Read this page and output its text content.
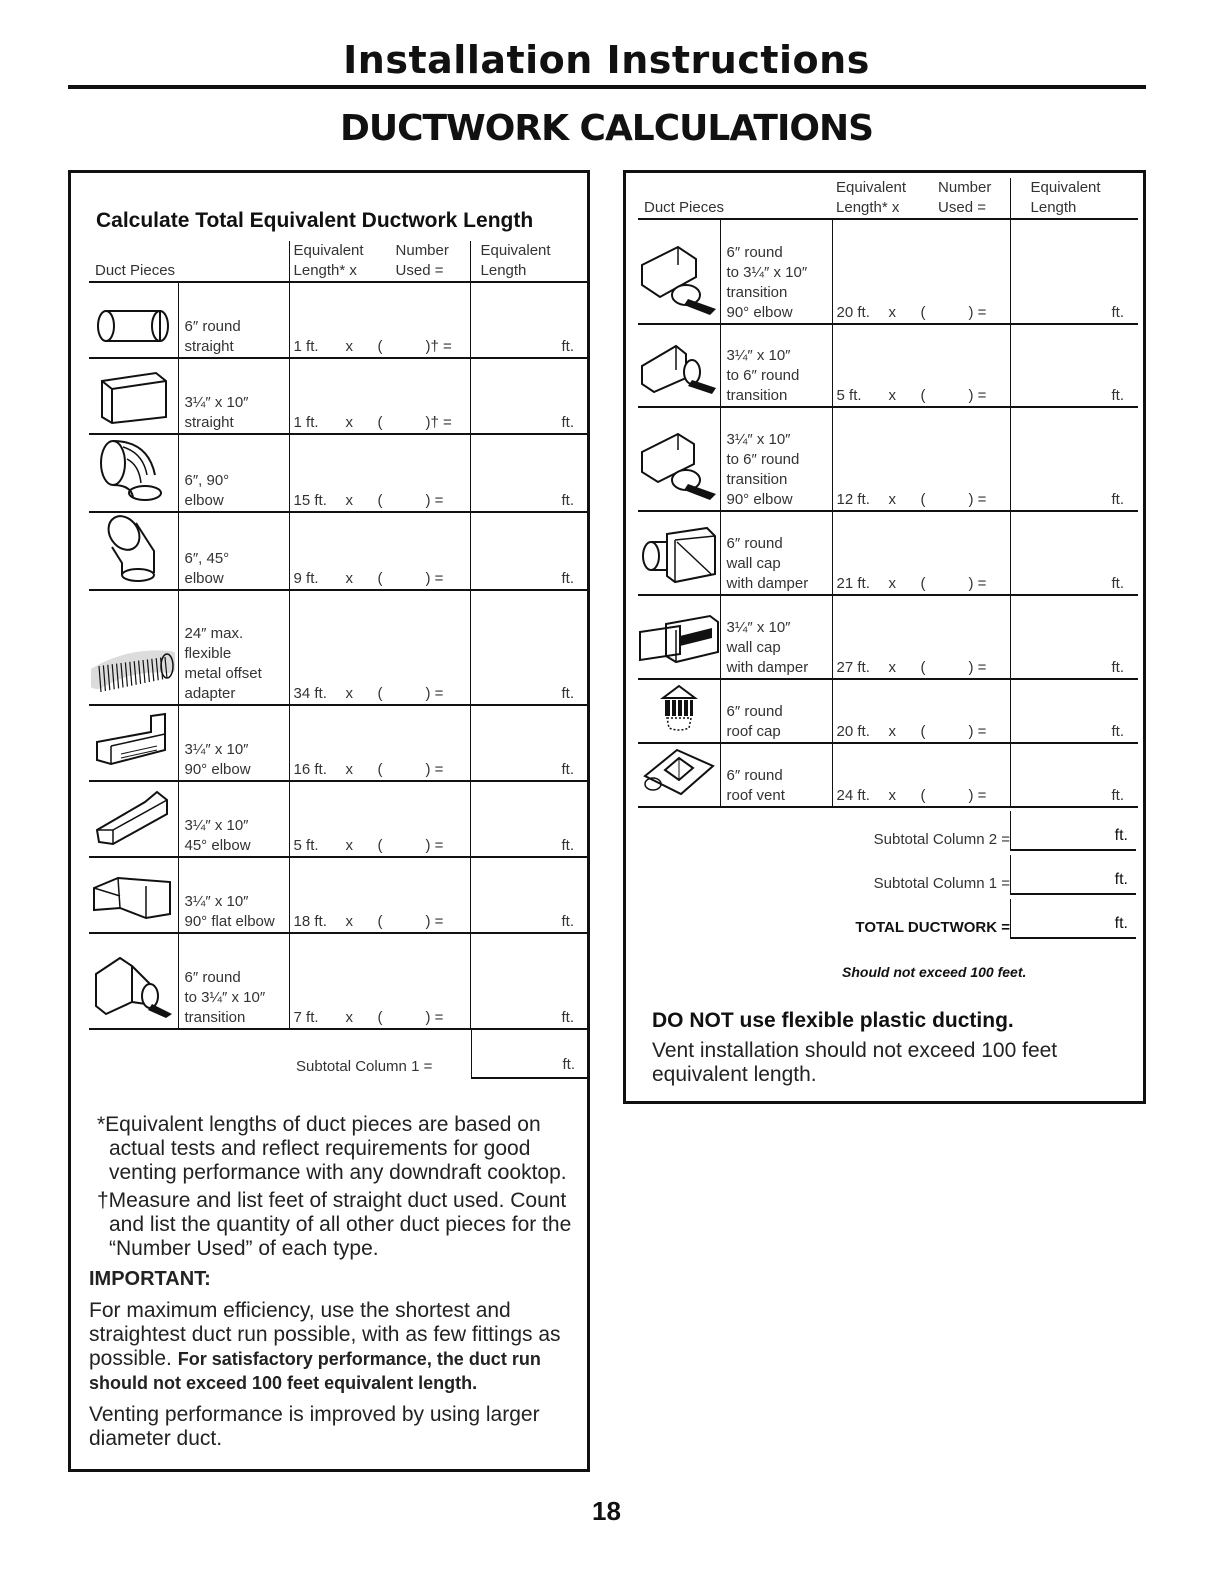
Installation Instructions
DUCTWORK CALCULATIONS
Calculate Total Equivalent Ductwork Length
Duct Pieces		Equivalent
Length* x
Number
Used =	Equivalent
Length

	6″ round
straight	1 ft. x ( )† =	ft.

	3¼″ x 10″
straight	1 ft. x ( )† =	ft.

	6″, 90°
elbow	15 ft. x ( ) =	ft.

	6″, 45°
elbow	9 ft. x ( ) =	ft.

	24″ max.
flexible
metal offset
adapter	34 ft. x ( ) =	ft.

	3¼″ x 10″
90° elbow	16 ft. x ( ) =	ft.

	3¼″ x 10″
45° elbow	5 ft. x ( ) =	ft.

	3¼″ x 10″
90° flat elbow	18 ft. x ( ) =	ft.

	6″ round
to 3¼″ x 10″
transition	7 ft. x ( ) =	ft.
ft.
Subtotal Column 1 =
*Equivalent lengths of duct pieces are based on actual tests and reflect requirements for good venting performance with any downdraft cooktop.
†Measure and list feet of straight duct used. Count and list the quantity of all other duct pieces for the “Number Used” of each type.
IMPORTANT:
For maximum efficiency, use the shortest and straightest duct run possible, with as few fittings as possible. For satisfactory performance, the duct run should not exceed 100 feet equivalent length.
Venting performance is improved by using larger diameter duct.
Duct Pieces		Equivalent
Length* x
Number
Used =	Equivalent
Length

	6″ round
to 3¼″ x 10″
transition
90° elbow	20 ft. x ( ) =	ft.

	3¼″ x 10″
to 6″ round
transition	5 ft. x ( ) =	ft.

	3¼″ x 10″
to 6″ round
transition
90° elbow	12 ft. x ( ) =	ft.

	6″ round
wall cap
with damper	21 ft. x ( ) =	ft.

	3¼″ x 10″
wall cap
with damper	27 ft. x ( ) =	ft.

	6″ round
roof cap	20 ft. x ( ) =	ft.

	6″ round
roof vent	24 ft. x ( ) =	ft.
ft.
Subtotal Column 2 =
ft.
Subtotal Column 1 =
ft.
TOTAL DUCTWORK =
Should not exceed 100 feet.
DO NOT use flexible plastic ducting.
Vent installation should not exceed 100 feet equivalent length.
18
